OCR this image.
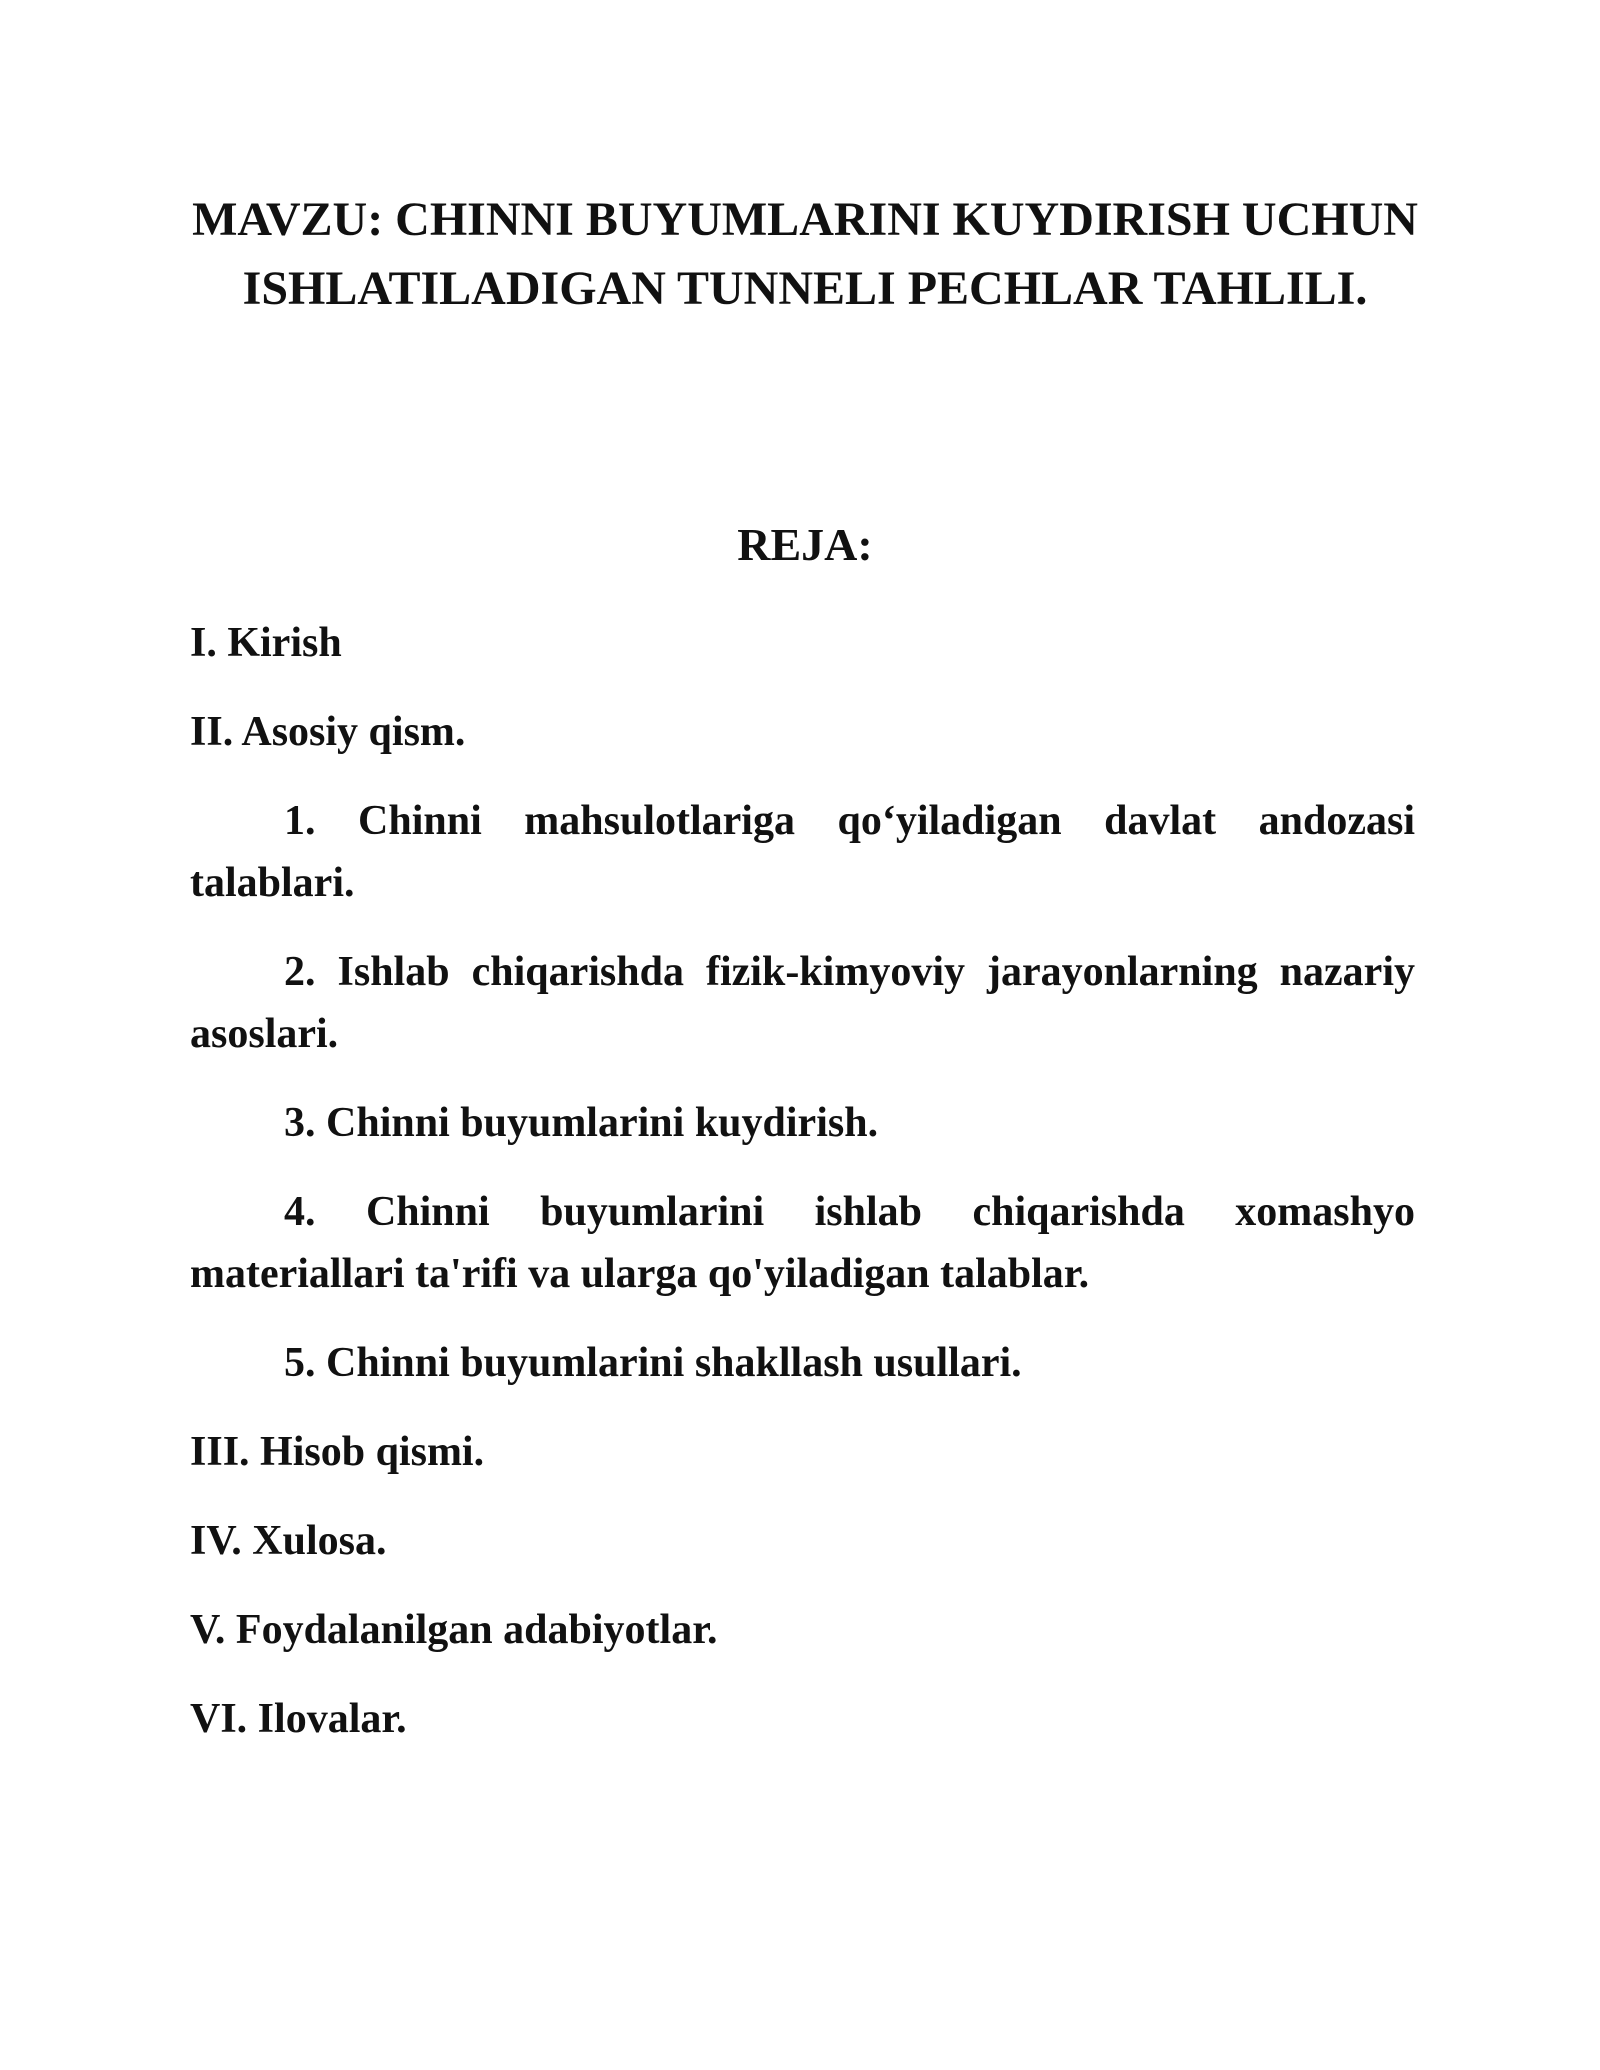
MAVZU: CHINNI BUYUMLARINI KUYDIRISH UCHUN ISHLATILADIGAN TUNNELI PECHLAR TAHLILI.
REJA:
I. Kirish
II. Asosiy qism.
1. Chinni mahsulotlariga qo‘yiladigan davlat andozasi talablari.
2. Ishlab chiqarishda fizik-kimyoviy jarayonlarning nazariy asoslari.
3. Chinni buyumlarini kuydirish.
4. Chinni buyumlarini ishlab chiqarishda xomashyo materiallari ta'rifi va ularga qo'yiladigan talablar.
5. Chinni buyumlarini shakllash usullari.
III. Hisob qismi.
IV. Xulosa.
V. Foydalanilgan adabiyotlar.
VI. Ilovalar.
